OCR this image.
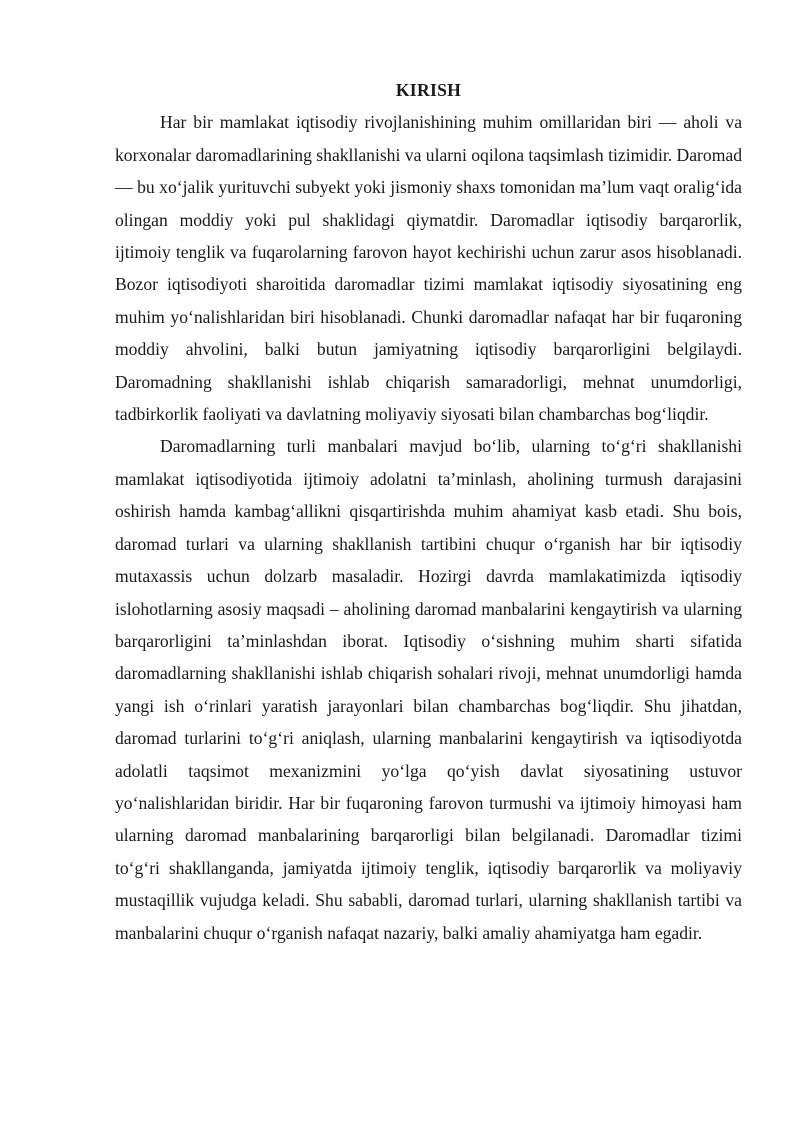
KIRISH

Har bir mamlakat iqtisodiy rivojlanishining muhim omillaridan biri — aholi va korxonalar daromadlarining shakllanishi va ularni oqilona taqsimlash tizimidir. Daromad — bu xo‘jalik yurituvchi subyekt yoki jismoniy shaxs tomonidan ma’lum vaqt oralig‘ida olingan moddiy yoki pul shaklidagi qiymatdir. Daromadlar iqtisodiy barqarorlik, ijtimoiy tenglik va fuqarolarning farovon hayot kechirishi uchun zarur asos hisoblanadi. Bozor iqtisodiyoti sharoitida daromadlar tizimi mamlakat iqtisodiy siyosatining eng muhim yo‘nalishlaridan biri hisoblanadi. Chunki daromadlar nafaqat har bir fuqaroning moddiy ahvolini, balki butun jamiyatning iqtisodiy barqarorligini belgilaydi. Daromadning shakllanishi ishlab chiqarish samaradorligi, mehnat unumdorligi, tadbirkorlik faoliyati va davlatning moliyaviy siyosati bilan chambarchas bog‘liqdir.

Daromadlarning turli manbalari mavjud bo‘lib, ularning to‘g‘ri shakllanishi mamlakat iqtisodiyotida ijtimoiy adolatni ta’minlash, aholining turmush darajasini oshirish hamda kambag‘allikni qisqartirishda muhim ahamiyat kasb etadi. Shu bois, daromad turlari va ularning shakllanish tartibini chuqur o‘rganish har bir iqtisodiy mutaxassis uchun dolzarb masaladir. Hozirgi davrda mamlakatimizda iqtisodiy islohotlarning asosiy maqsadi – aholining daromad manbalarini kengaytirish va ularning barqarorligini ta’minlashdan iborat. Iqtisodiy o‘sishning muhim sharti sifatida daromadlarning shakllanishi ishlab chiqarish sohalari rivoji, mehnat unumdorligi hamda yangi ish o‘rinlari yaratish jarayonlari bilan chambarchas bog‘liqdir. Shu jihatdan, daromad turlarini to‘g‘ri aniqlash, ularning manbalarini kengaytirish va iqtisodiyotda adolatli taqsimot mexanizmini yo‘lga qo‘yish davlat siyosatining ustuvor yo‘nalishlaridan biridir. Har bir fuqaroning farovon turmushi va ijtimoiy himoyasi ham ularning daromad manbalarining barqarorligi bilan belgilanadi. Daromadlar tizimi to‘g‘ri shakllanganda, jamiyatda ijtimoiy tenglik, iqtisodiy barqarorlik va moliyaviy mustaqillik vujudga keladi. Shu sababli, daromad turlari, ularning shakllanish tartibi va manbalarini chuqur o‘rganish nafaqat nazariy, balki amaliy ahamiyatga ham egadir.
